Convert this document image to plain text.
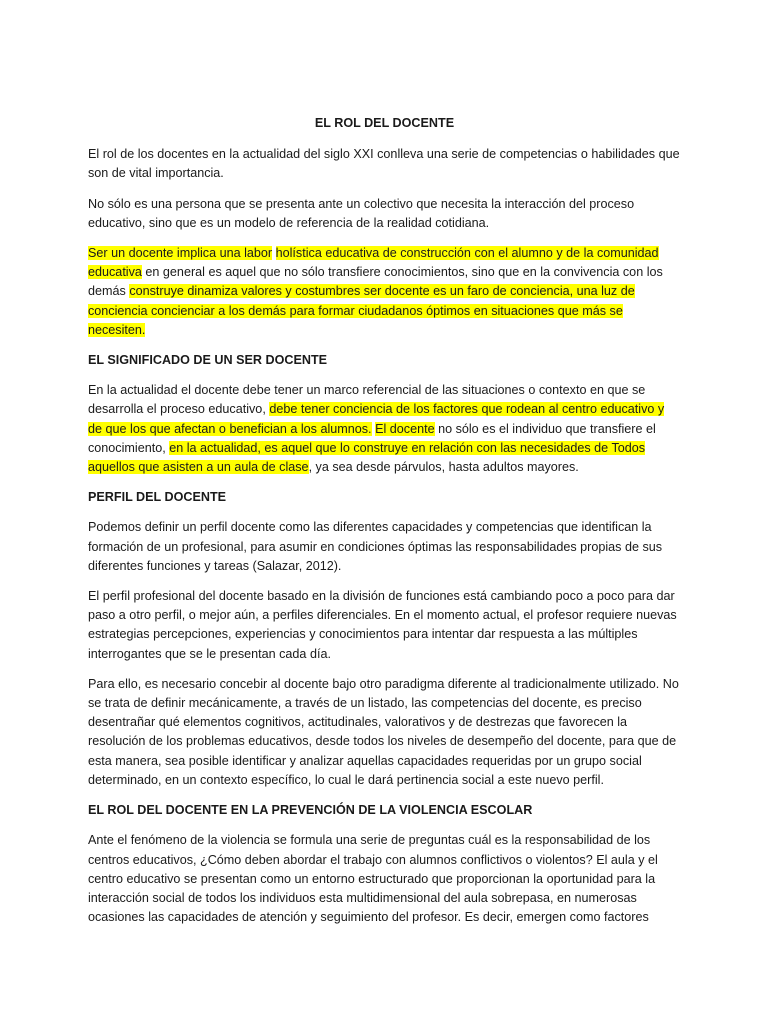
EL ROL DEL DOCENTE

El rol de los docentes en la actualidad del siglo XXI conlleva una serie de competencias o habilidades que son de vital importancia.

No sólo es una persona que se presenta ante un colectivo que necesita la interacción del proceso educativo, sino que es un modelo de referencia de la realidad cotidiana.

Ser un docente implica una labor holística educativa de construcción con el alumno y de la comunidad educativa en general es aquel que no sólo transfiere conocimientos, sino que en la convivencia con los demás construye dinamiza valores y costumbres ser docente es un faro de conciencia, una luz de conciencia concienciar a los demás para formar ciudadanos óptimos en situaciones que más se necesiten.

EL SIGNIFICADO DE UN SER DOCENTE

En la actualidad el docente debe tener un marco referencial de las situaciones o contexto en que se desarrolla el proceso educativo, debe tener conciencia de los factores que rodean al centro educativo y de que los que afectan o benefician a los alumnos. El docente no sólo es el individuo que transfiere el conocimiento, en la actualidad, es aquel que lo construye en relación con las necesidades de Todos aquellos que asisten a un aula de clase, ya sea desde párvulos, hasta adultos mayores.

PERFIL DEL DOCENTE

Podemos definir un perfil docente como las diferentes capacidades y competencias que identifican la formación de un profesional, para asumir en condiciones óptimas las responsabilidades propias de sus diferentes funciones y tareas (Salazar, 2012).

El perfil profesional del docente basado en la división de funciones está cambiando poco a poco para dar paso a otro perfil, o mejor aún, a perfiles diferenciales. En el momento actual, el profesor requiere nuevas estrategias percepciones, experiencias y conocimientos para intentar dar respuesta a las múltiples interrogantes que se le presentan cada día.

Para ello, es necesario concebir al docente bajo otro paradigma diferente al tradicionalmente utilizado. No se trata de definir mecánicamente, a través de un listado, las competencias del docente, es preciso desentrañar qué elementos cognitivos, actitudinales, valorativos y de destrezas que favorecen la resolución de los problemas educativos, desde todos los niveles de desempeño del docente, para que de esta manera, sea posible identificar y analizar aquellas capacidades requeridas por un grupo social determinado, en un contexto específico, lo cual le dará pertinencia social a este nuevo perfil.

EL ROL DEL DOCENTE EN LA PREVENCIÓN DE LA VIOLENCIA ESCOLAR

Ante el fenómeno de la violencia se formula una serie de preguntas cuál es la responsabilidad de los centros educativos, ¿Cómo deben abordar el trabajo con alumnos conflictivos o violentos? El aula y el centro educativo se presentan como un entorno estructurado que proporcionan la oportunidad para la interacción social de todos los individuos esta multidimensional del aula sobrepasa, en numerosas ocasiones las capacidades de atención y seguimiento del profesor. Es decir, emergen como factores
